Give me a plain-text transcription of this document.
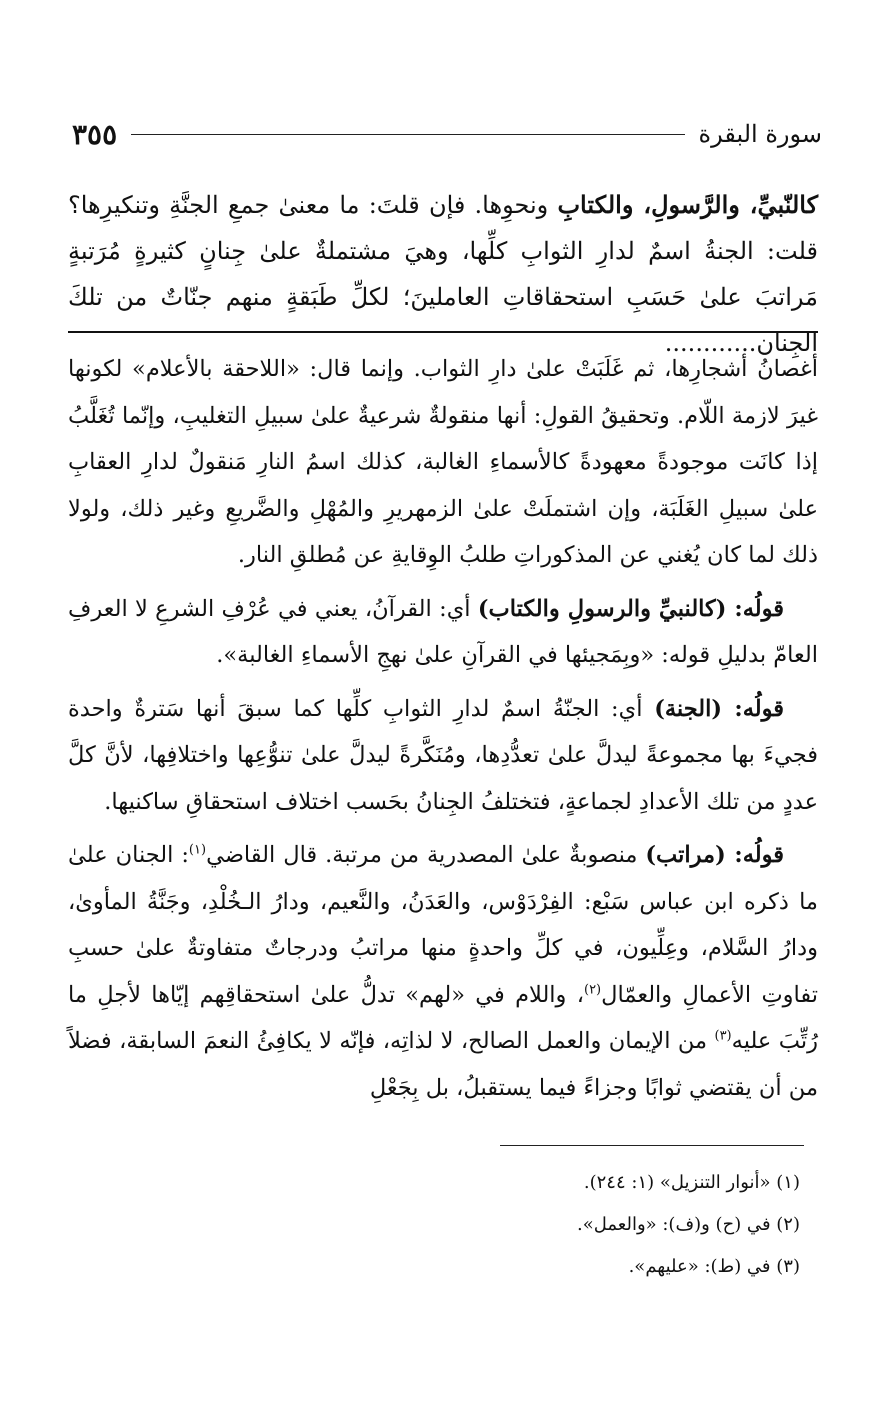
سورة البقرة
٣٥٥
كالنّبيِّ، والرَّسولِ، والكتابِ ونحوِها. فإن قلتَ: ما معنىٰ جمعِ الجنَّةِ وتنكيرِها؟ قلت: الجنةُ اسمٌ لدارِ الثوابِ كلِّها، وهيَ مشتملةٌ علىٰ جِنانٍ كثيرةٍ مُرَتبةٍ مَراتبَ علىٰ حَسَبِ استحقاقاتِ العاملينَ؛ لكلِّ طَبَقةٍ منهم جنّاتٌ من تلكَ الجِنان............

أغصانُ أشجارِها، ثم غَلَبَتْ علىٰ دارِ الثواب. وإنما قال: «اللاحقة بالأعلام» لكونها غيرَ لازمة اللّام. وتحقيقُ القولِ: أنها منقولةٌ شرعيةٌ علىٰ سبيلِ التغليبِ، وإنّما تُغَلَّبُ إذا كانَت موجودةً معهودةً كالأسماءِ الغالبة، كذلك اسمُ النارِ مَنقولٌ لدارِ العقابِ علىٰ سبيلِ الغَلَبَة، وإن اشتملَتْ علىٰ الزمهريرِ والمُهْلِ والضَّريعِ وغير ذلك، ولولا ذلك لما كان يُغني عن المذكوراتِ طلبُ الوِقايةِ عن مُطلقِ النار.

قولُه: (كالنبيِّ والرسولِ والكتاب) أي: القرآنُ، يعني في عُرْفِ الشرعِ لا العرفِ العامّ بدليلِ قوله: «وبِمَجيئها في القرآنِ علىٰ نهجِ الأسماءِ الغالبة».

قولُه: (الجنة) أي: الجنّةُ اسمٌ لدارِ الثوابِ كلِّها كما سبقَ أنها سَترةٌ واحدة فجيءَ بها مجموعةً ليدلَّ علىٰ تعدُّدِها، ومُنَكَّرةً ليدلَّ علىٰ تنوُّعِها واختلافِها، لأنَّ كلَّ عددٍ من تلك الأعدادِ لجماعةٍ، فتختلفُ الجِنانُ بحَسب اختلاف استحقاقِ ساكنيها.

قولُه: (مراتب) منصوبةٌ علىٰ المصدرية من مرتبة. قال القاضي$^{(١)}$: الجنان علىٰ ما ذكره ابن عباس سَبْع: الفِرْدَوْس، والعَدَنُ، والنَّعيم، ودارُ الـخُلْدِ، وجَنَّةُ المأوىٰ، ودارُ السَّلام، وعِلِّيون، في كلِّ واحدةٍ منها مراتبُ ودرجاتٌ متفاوتةٌ علىٰ حسبِ تفاوتِ الأعمالِ والعمّال$^{(٢)}$، واللام في «لهم» تدلُّ علىٰ استحقاقِهم إيّاها لأجلِ ما رُتِّبَ عليه$^{(٣)}$ من الإيمان والعمل الصالح، لا لذاتِه، فإنّه لا يكافِئُ النعمَ السابقة، فضلاً من أن يقتضي ثوابًا وجزاءً فيما يستقبلُ، بل بِجَعْلِ

(١) «أنوار التنزيل» (١: ٢٤٤).
(٢) في (ح) و(ف): «والعمل».
(٣) في (ط): «عليهم».
